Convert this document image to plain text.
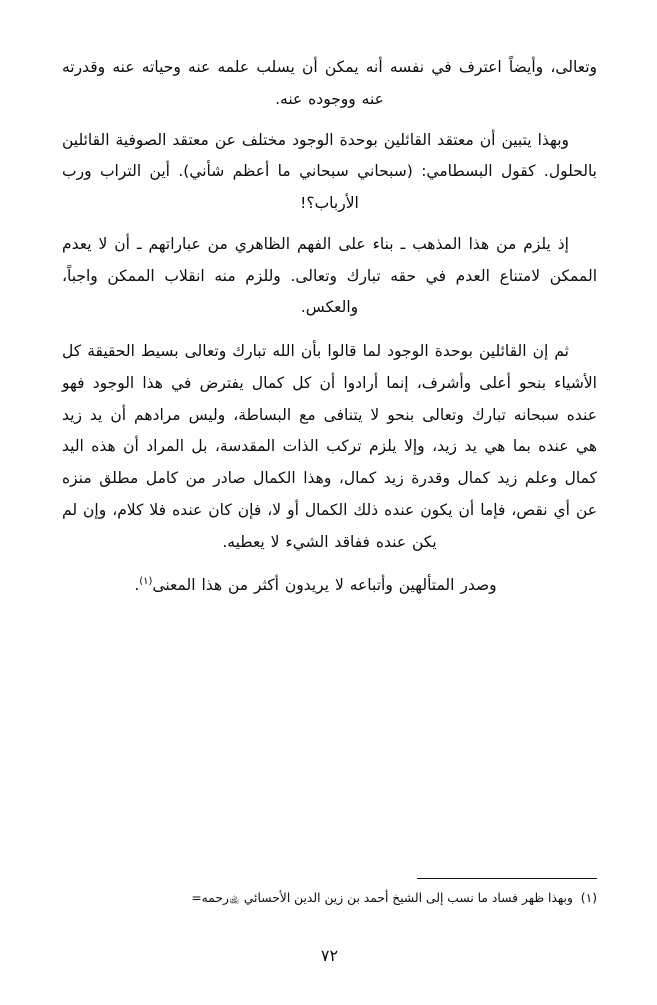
وتعالى، وأيضاً اعترف في نفسه أنه يمكن أن يسلب علمه عنه وحياته عنه وقدرته عنه ووجوده عنه.

وبهذا يتبين أن معتقد القائلين بوحدة الوجود مختلف عن معتقد الصوفية القائلين بالحلول. كقول البسطامي: (سبحاني سبحاني ما أعظم شأني). أين التراب ورب الأرباب؟!

إذ يلزم من هذا المذهب ـ بناء على الفهم الظاهري من عباراتهم ـ أن لا يعدم الممكن لامتناع العدم في حقه تبارك وتعالى. وللزم منه انقلاب الممكن واجباً، والعكس.

ثم إن القائلين بوحدة الوجود لما قالوا بأن الله تبارك وتعالى بسيط الحقيقة كل الأشياء بنحو أعلى وأشرف، إنما أرادوا أن كل كمال يفترض في هذا الوجود فهو عنده سبحانه تبارك وتعالى بنحو لا يتنافى مع البساطة، وليس مرادهم أن يد زيد هي عنده بما هي يد زيد، وإلا يلزم تركب الذات المقدسة، بل المراد أن هذه اليد كمال وعلم زيد كمال وقدرة زيد كمال، وهذا الكمال صادر من كامل مطلق منزه عن أي نقص، فإما أن يكون عنده ذلك الكمال أو لا، فإن كان عنده فلا كلام، وإن لم يكن عنده ففاقد الشيء لا يعطيه.

وصدر المتألهين وأتباعه لا يريدون أكثر من هذا المعنى$^{(١)}$.

(١)  وبهذا ظهر فساد ما نسب إلى الشيخ أحمد بن زين الدين الأحسائي ﵀رحمه=
٧٢
